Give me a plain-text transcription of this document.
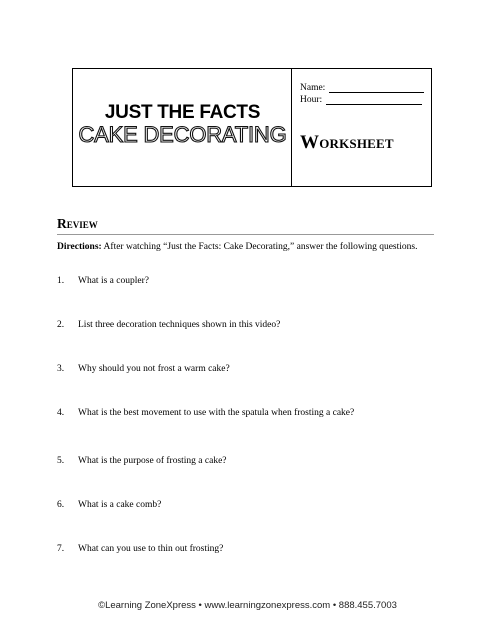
JUST THE FACTS
CAKE DECORATING
Name:
Hour:
Worksheet
Review
Directions: After watching “Just the Facts: Cake Decorating,” answer the following questions.
1. What is a coupler?
2. List three decoration techniques shown in this video?
3. Why should you not frost a warm cake?
4. What is the best movement to use with the spatula when frosting a cake?
5. What is the purpose of frosting a cake?
6. What is a cake comb?
7. What can you use to thin out frosting?
©Learning ZoneXpress • www.learningzonexpress.com • 888.455.7003
